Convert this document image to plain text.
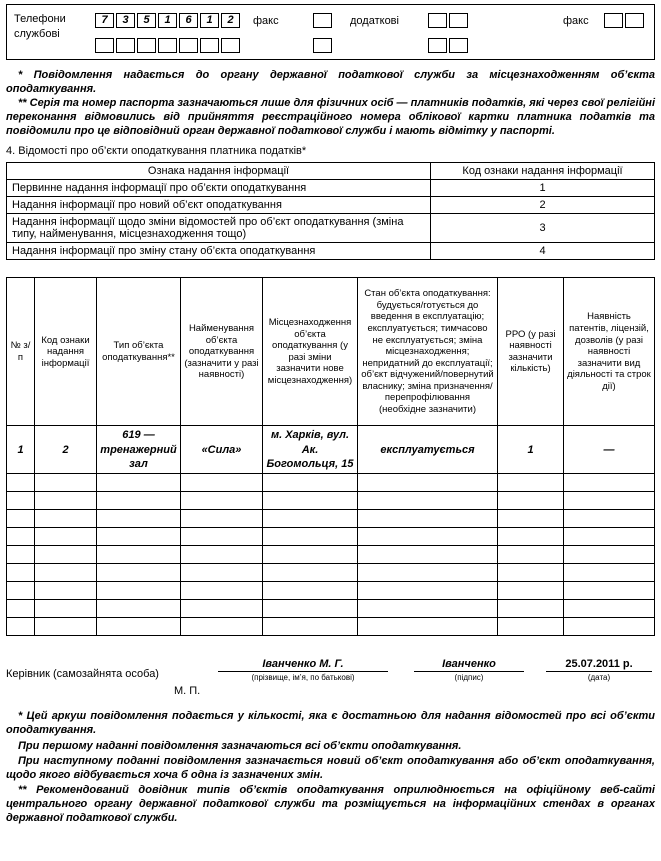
Телефони службові
7 3 5 1 6 1 2	факс	додаткові	факс

* Повідомлення надається до органу державної податкової служби за місцезнаходженням об’єкта оподаткування.

** Серія та номер паспорта зазначаються лише для фізичних осіб — платників податків, які через свої релігійні переконання відмовились від прийняття реєстраційного номера облікової картки платника податків та повідомили про це відповідний орган державної податкової служби і мають відмітку у паспорті.

4. Відомості про об’єкти оподаткування платника податків*
Ознака надання інформації	Код ознаки надання інформації
Первинне надання інформації про об’єкти оподаткування	1
Надання інформації про новий об’єкт оподаткування	2
Надання інформації щодо зміни відомостей про об’єкт оподаткування (зміна типу, найменування, місцезнаходження тощо)	3
Надання інформації про зміну стану об’єкта оподаткування	4
№ з/п	Код ознаки надання інформації	Тип об’єкта оподаткування**	Найменування об’єкта оподаткування (зазначити у разі наявності)	Місцезнаходження об’єкта оподаткування (у разі зміни зазначити нове місцезнаходження)	Стан об’єкта оподаткування: будується/готується до введення в експлуатацію; експлуатується; тимчасово не експлуатується; зміна місцезнаходження; непридатний до експлуатації; об’єкт відчужений/повернутий власнику; зміна призначення/перепрофілювання (необхідне зазначити)	РРО (у разі наявності зазначити кількість)	Наявність патентів, ліцензій, дозволів (у разі наявності зазначити вид діяльності та строк дії)
1	2	619 — тренажерний зал	«Сила»	м. Харків, вул. Ак. Богомольця, 15	експлуатується	1	—

Керівник (самозайнята особа)
Іванченко М. Г.
(прізвище, ім’я, по батькові)
Іванченко
(підпис)
25.07.2011 р.
(дата)
М. П.

* Цей аркуш повідомлення подається у кількості, яка є достатньою для надання відомостей про всі об’єкти оподаткування.

При першому наданні повідомлення зазначаються всі об’єкти оподаткування.

При наступному поданні повідомлення зазначається новий об’єкт оподаткування або об’єкт оподаткування, щодо якого відбувається хоча б одна із зазначених змін.

** Рекомендований довідник типів об’єктів оподаткування оприлюднюється на офіційному веб-сайті центрального органу державної податкової служби та розміщується на інформаційних стендах в органах державної податкової служби.
